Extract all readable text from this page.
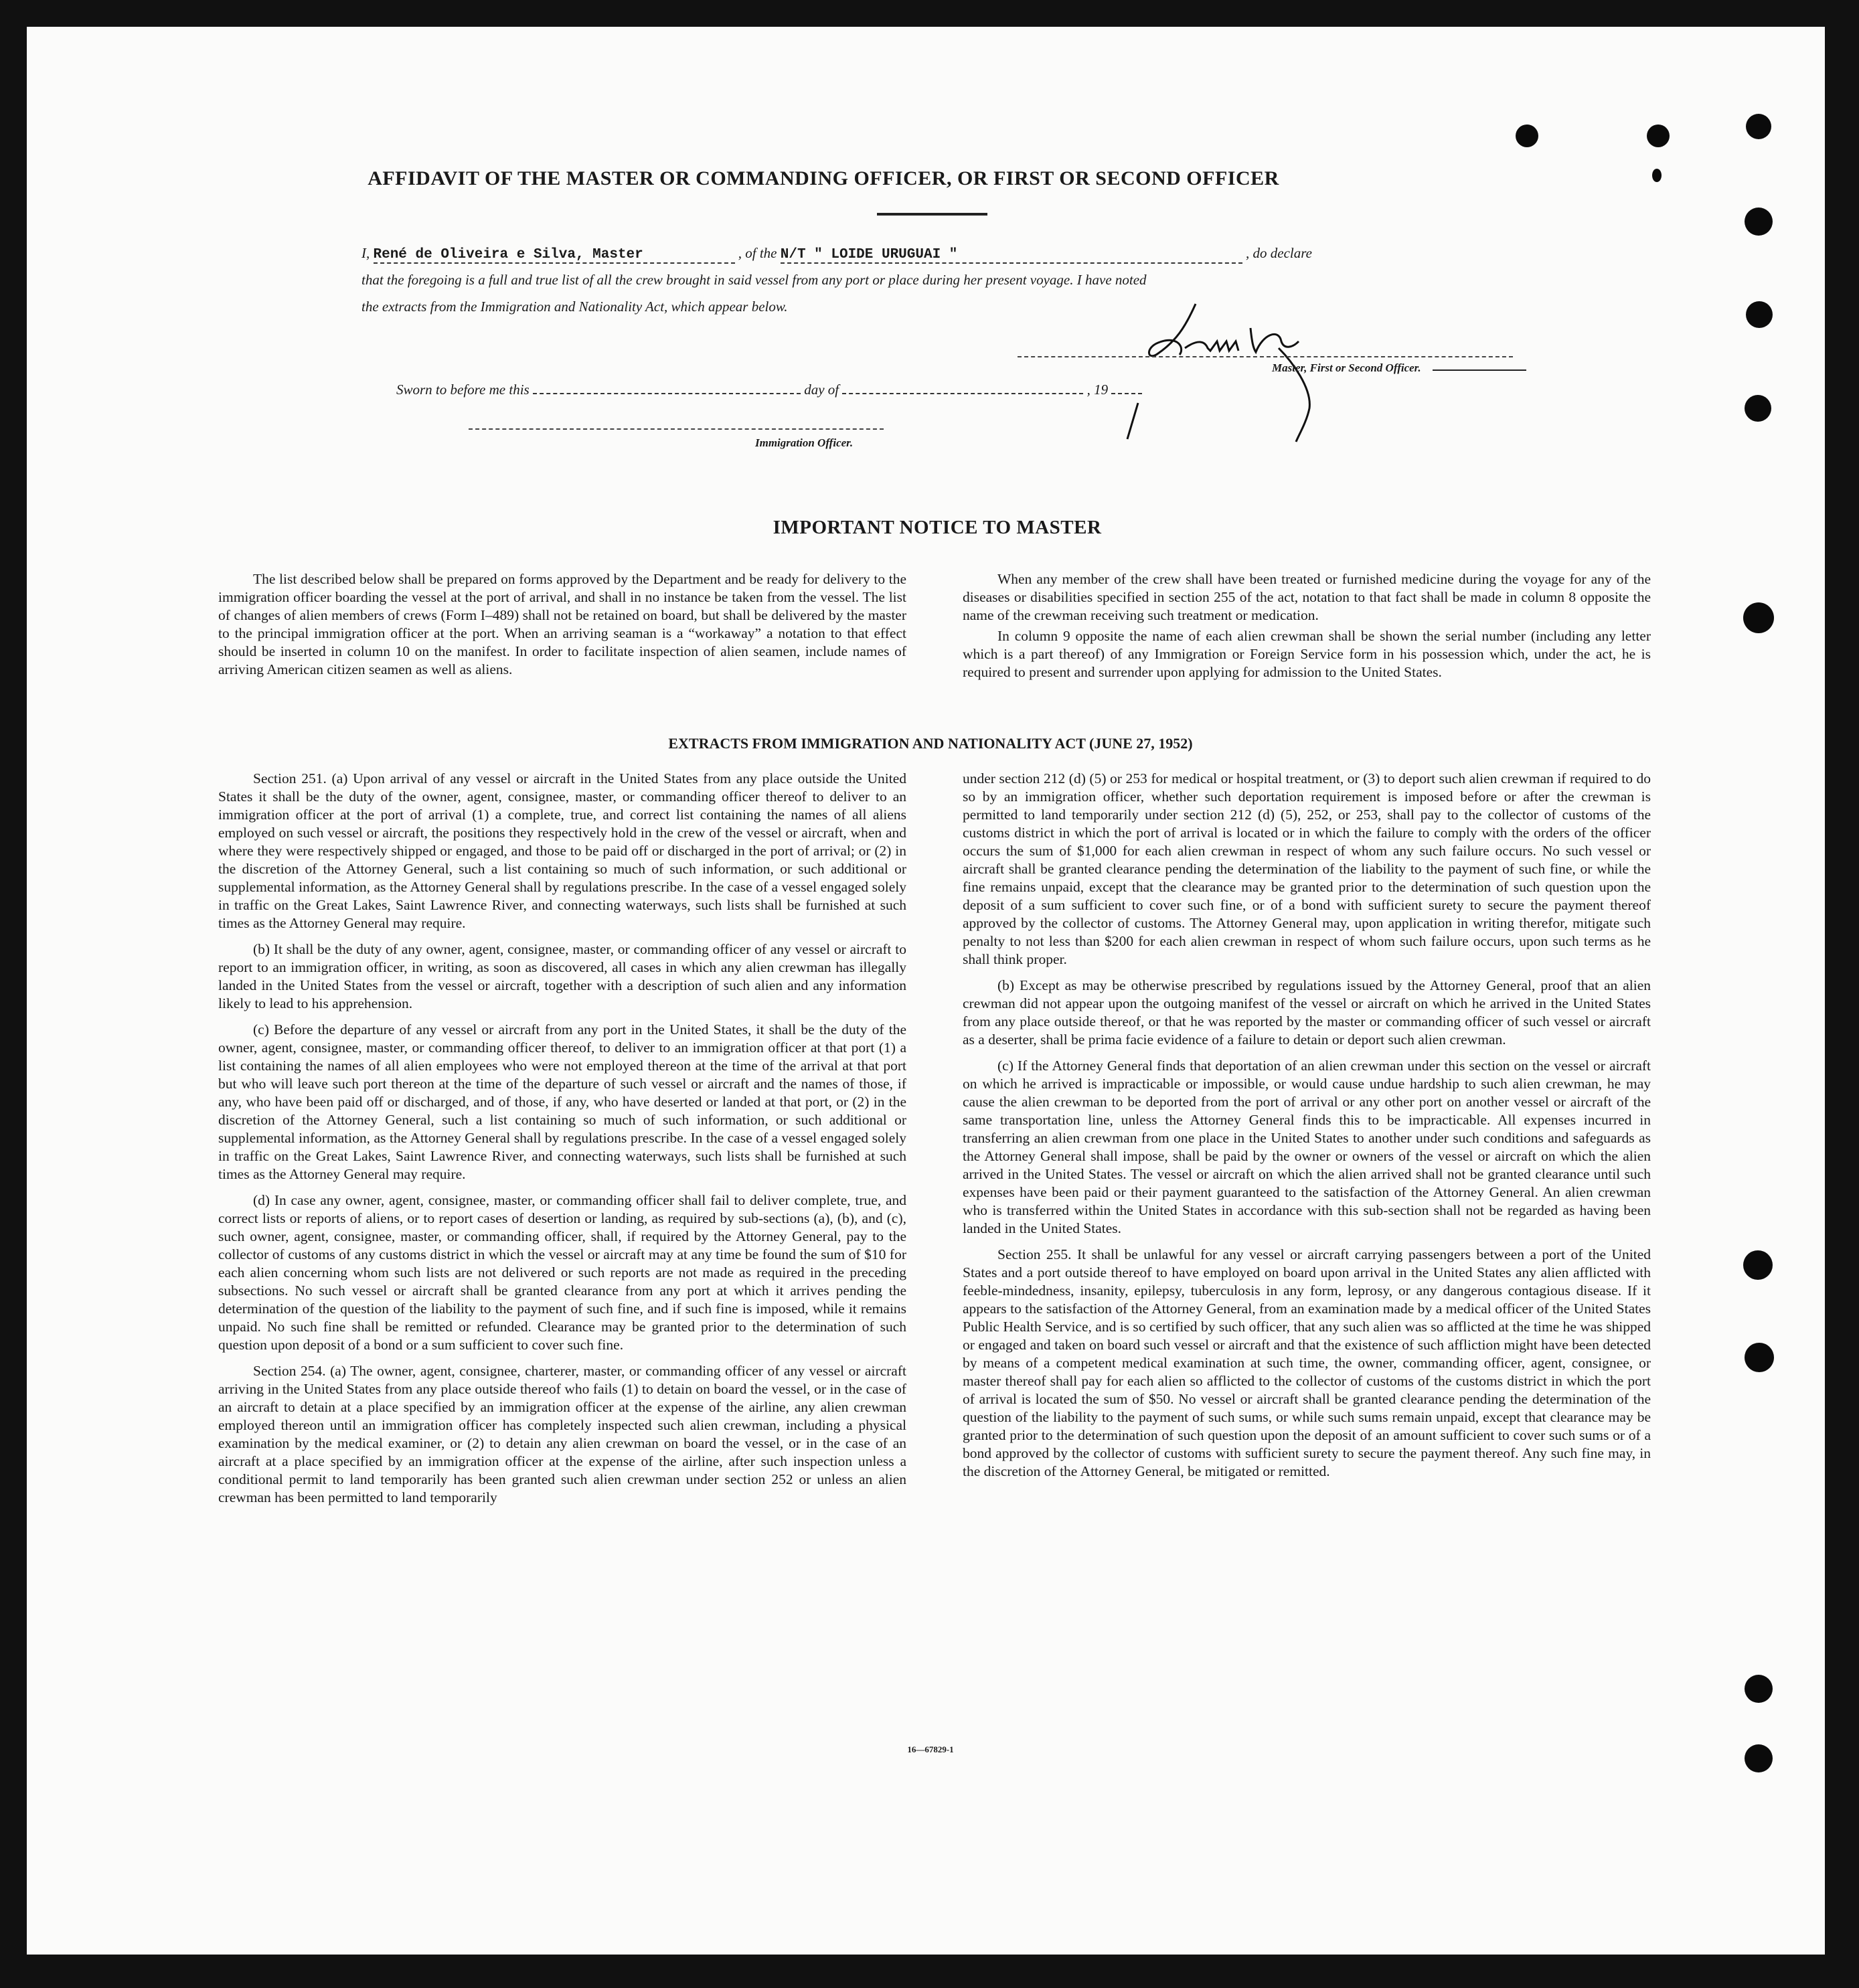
AFFIDAVIT OF THE MASTER OR COMMANDING OFFICER, OR FIRST OR SECOND OFFICER
I, René de Oliveira e Silva, Master	, of the N/T " LOIDE URUGUAI "	, do declare
that the foregoing is a full and true list of all the crew brought in said vessel from any port or place during her present voyage. I have noted
the extracts from the Immigration and Nationality Act, which appear below.
Master, First or Second Officer.
Sworn to before me this	day of	, 19
Immigration Officer.
IMPORTANT NOTICE TO MASTER

The list described below shall be prepared on forms approved by the Department and be ready for delivery to the immigration officer boarding the vessel at the port of arrival, and shall in no instance be taken from the vessel. The list of changes of alien members of crews (Form I–489) shall not be retained on board, but shall be delivered by the master to the principal immigration officer at the port. When an arriving seaman is a “workaway” a notation to that effect should be inserted in column 10 on the manifest. In order to facilitate inspection of alien seamen, include names of arriving American citizen seamen as well as aliens.

When any member of the crew shall have been treated or furnished medicine during the voyage for any of the diseases or disabilities specified in section 255 of the act, notation to that fact shall be made in column 8 opposite the name of the crewman receiving such treatment or medication.

In column 9 opposite the name of each alien crewman shall be shown the serial number (including any letter which is a part thereof) of any Immigration or Foreign Service form in his possession which, under the act, he is required to present and surrender upon applying for admission to the United States.

EXTRACTS FROM IMMIGRATION AND NATIONALITY ACT (JUNE 27, 1952)

Section 251. (a) Upon arrival of any vessel or aircraft in the United States from any place outside the United States it shall be the duty of the owner, agent, consignee, master, or commanding officer thereof to deliver to an immigration officer at the port of arrival (1) a complete, true, and correct list containing the names of all aliens employed on such vessel or aircraft, the positions they respectively hold in the crew of the vessel or aircraft, when and where they were respectively shipped or engaged, and those to be paid off or discharged in the port of arrival; or (2) in the discretion of the Attorney General, such a list containing so much of such information, or such additional or supplemental information, as the Attorney General shall by regulations prescribe. In the case of a vessel engaged solely in traffic on the Great Lakes, Saint Lawrence River, and connecting waterways, such lists shall be furnished at such times as the Attorney General may require.

(b) It shall be the duty of any owner, agent, consignee, master, or commanding officer of any vessel or aircraft to report to an immigration officer, in writing, as soon as discovered, all cases in which any alien crewman has illegally landed in the United States from the vessel or aircraft, together with a description of such alien and any information likely to lead to his apprehension.

(c) Before the departure of any vessel or aircraft from any port in the United States, it shall be the duty of the owner, agent, consignee, master, or commanding officer thereof, to deliver to an immigration officer at that port (1) a list containing the names of all alien employees who were not employed thereon at the time of the arrival at that port but who will leave such port thereon at the time of the departure of such vessel or aircraft and the names of those, if any, who have been paid off or discharged, and of those, if any, who have deserted or landed at that port, or (2) in the discretion of the Attorney General, such a list containing so much of such information, or such additional or supplemental information, as the Attorney General shall by regulations prescribe. In the case of a vessel engaged solely in traffic on the Great Lakes, Saint Lawrence River, and connecting waterways, such lists shall be furnished at such times as the Attorney General may require.

(d) In case any owner, agent, consignee, master, or commanding officer shall fail to deliver complete, true, and correct lists or reports of aliens, or to report cases of desertion or landing, as required by sub-sections (a), (b), and (c), such owner, agent, consignee, master, or commanding officer, shall, if required by the Attorney General, pay to the collector of customs of any customs district in which the vessel or aircraft may at any time be found the sum of $10 for each alien concerning whom such lists are not delivered or such reports are not made as required in the preceding subsections. No such vessel or aircraft shall be granted clearance from any port at which it arrives pending the determination of the question of the liability to the payment of such fine, and if such fine is imposed, while it remains unpaid. No such fine shall be remitted or refunded. Clearance may be granted prior to the determination of such question upon deposit of a bond or a sum sufficient to cover such fine.

Section 254. (a) The owner, agent, consignee, charterer, master, or commanding officer of any vessel or aircraft arriving in the United States from any place outside thereof who fails (1) to detain on board the vessel, or in the case of an aircraft to detain at a place specified by an immigration officer at the expense of the airline, any alien crewman employed thereon until an immigration officer has completely inspected such alien crewman, including a physical examination by the medical examiner, or (2) to detain any alien crewman on board the vessel, or in the case of an aircraft at a place specified by an immigration officer at the expense of the airline, after such inspection unless a conditional permit to land temporarily has been granted such alien crewman under section 252 or unless an alien crewman has been permitted to land temporarily

under section 212 (d) (5) or 253 for medical or hospital treatment, or (3) to deport such alien crewman if required to do so by an immigration officer, whether such deportation requirement is imposed before or after the crewman is permitted to land temporarily under section 212 (d) (5), 252, or 253, shall pay to the collector of customs of the customs district in which the port of arrival is located or in which the failure to comply with the orders of the officer occurs the sum of $1,000 for each alien crewman in respect of whom any such failure occurs. No such vessel or aircraft shall be granted clearance pending the determination of the liability to the payment of such fine, or while the fine remains unpaid, except that the clearance may be granted prior to the determination of such question upon the deposit of a sum sufficient to cover such fine, or of a bond with sufficient surety to secure the payment thereof approved by the collector of customs. The Attorney General may, upon application in writing therefor, mitigate such penalty to not less than $200 for each alien crewman in respect of whom such failure occurs, upon such terms as he shall think proper.

(b) Except as may be otherwise prescribed by regulations issued by the Attorney General, proof that an alien crewman did not appear upon the outgoing manifest of the vessel or aircraft on which he arrived in the United States from any place outside thereof, or that he was reported by the master or commanding officer of such vessel or aircraft as a deserter, shall be prima facie evidence of a failure to detain or deport such alien crewman.

(c) If the Attorney General finds that deportation of an alien crewman under this section on the vessel or aircraft on which he arrived is impracticable or impossible, or would cause undue hardship to such alien crewman, he may cause the alien crewman to be deported from the port of arrival or any other port on another vessel or aircraft of the same transportation line, unless the Attorney General finds this to be impracticable. All expenses incurred in transferring an alien crewman from one place in the United States to another under such conditions and safeguards as the Attorney General shall impose, shall be paid by the owner or owners of the vessel or aircraft on which the alien arrived in the United States. The vessel or aircraft on which the alien arrived shall not be granted clearance until such expenses have been paid or their payment guaranteed to the satisfaction of the Attorney General. An alien crewman who is transferred within the United States in accordance with this sub-section shall not be regarded as having been landed in the United States.

Section 255. It shall be unlawful for any vessel or aircraft carrying passengers between a port of the United States and a port outside thereof to have employed on board upon arrival in the United States any alien afflicted with feeble-mindedness, insanity, epilepsy, tuberculosis in any form, leprosy, or any dangerous contagious disease. If it appears to the satisfaction of the Attorney General, from an examination made by a medical officer of the United States Public Health Service, and is so certified by such officer, that any such alien was so afflicted at the time he was shipped or engaged and taken on board such vessel or aircraft and that the existence of such affliction might have been detected by means of a competent medical examination at such time, the owner, commanding officer, agent, consignee, or master thereof shall pay for each alien so afflicted to the collector of customs of the customs district in which the port of arrival is located the sum of $50. No vessel or aircraft shall be granted clearance pending the determination of the question of the liability to the payment of such sums, or while such sums remain unpaid, except that clearance may be granted prior to the determination of such question upon the deposit of an amount sufficient to cover such sums or of a bond approved by the collector of customs with sufficient surety to secure the payment thereof. Any such fine may, in the discretion of the Attorney General, be mitigated or remitted.

16—67829-1
